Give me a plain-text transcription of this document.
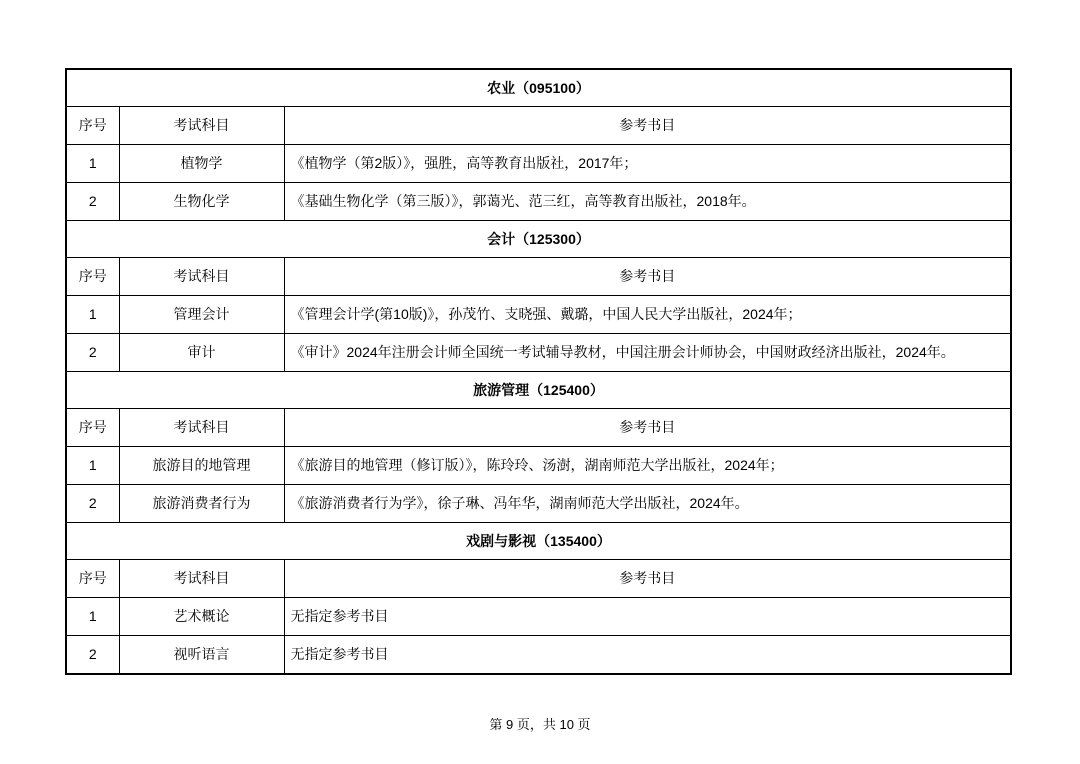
农业（095100）		
序号	考试科目	参考书目
1	植物学	《植物学（第2版）》，强胜，高等教育出版社，2017年；
2	生物化学	《基础生物化学（第三版）》，郭蔼光、范三红，高等教育出版社，2018年。
会计（125300）		
序号	考试科目	参考书目
1	管理会计	《管理会计学(第10版)》，孙茂竹、支晓强、戴璐，中国人民大学出版社，2024年；
2	审计	《审计》2024年注册会计师全国统一考试辅导教材，中国注册会计师协会，中国财政经济出版社，2024年。
旅游管理（125400）		
序号	考试科目	参考书目
1	旅游目的地管理	《旅游目的地管理（修订版）》，陈玲玲、汤澍，湖南师范大学出版社，2024年；
2	旅游消费者行为	《旅游消费者行为学》，徐子琳、冯年华，湖南师范大学出版社，2024年。
戏剧与影视（135400）		
序号	考试科目	参考书目
1	艺术概论	无指定参考书目
2	视听语言	无指定参考书目
第 9 页，共 10 页
